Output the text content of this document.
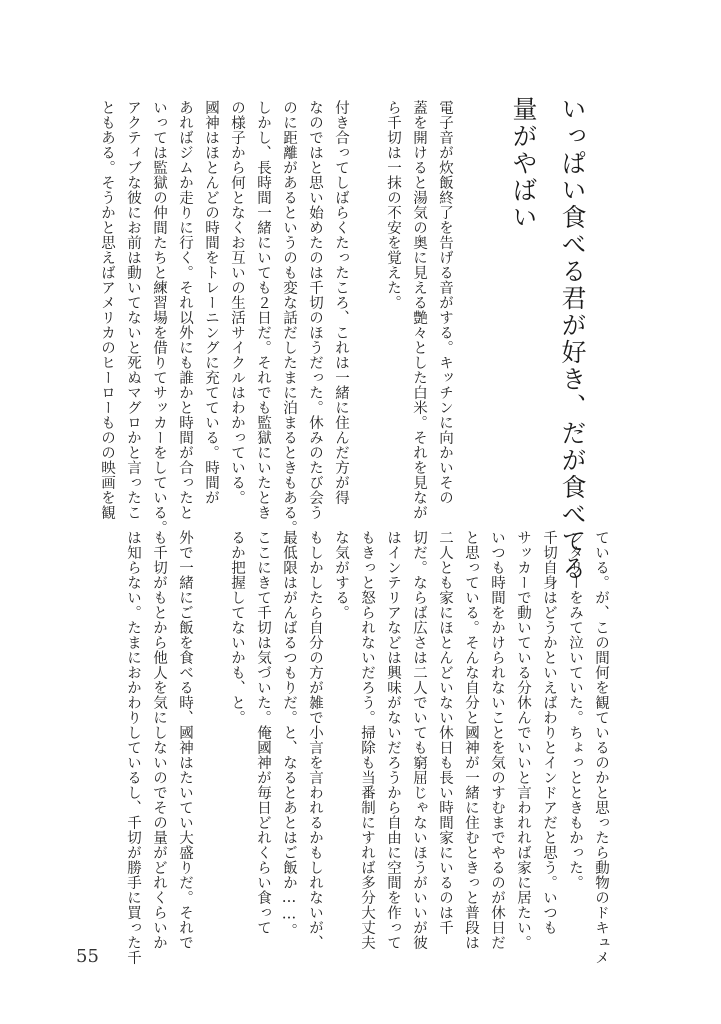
いっぱい食べる君が好き、だが食べてる
量がやばい
電子音が炊飯終了を告げる音がする。キッチンに向かいその
蓋を開けると湯気の奥に見える艶々とした白米。それを見なが
ら千切は一抹の不安を覚えた。
付き合ってしばらくたったころ、これは一緒に住んだ方が得
なのではと思い始めたのは千切のほうだった。休みのたび会う
のに距離があるというのも変な話だしたまに泊まるときもある。
しかし、長時間一緒にいても２日だ。それでも監獄にいたとき
の様子から何となくお互いの生活サイクルはわかっている。
國神はほとんどの時間をトレーニングに充てている。時間が
あればジムか走りに行く。それ以外にも誰かと時間が合ったと
いっては監獄の仲間たちと練習場を借りてサッカーをしている。
アクティブな彼にお前は動いてないと死ぬマグロかと言ったこ
ともある。そうかと思えばアメリカのヒーローものの映画を観
ている。が、この間何を観ているのかと思ったら動物のドキュメ
ンタリーをみて泣いていた。ちょっとときもかった。
千切自身はどうかといえばわりとインドアだと思う。いつも
サッカーで動いている分休んでいいと言われれば家に居たい。
いつも時間をかけられないことを気のすむまでやるのが休日だ
と思っている。そんな自分と國神が一緒に住むときっと普段は
二人とも家にほとんどいない休日も長い時間家にいるのは千
切だ。ならば広さは二人でいても窮屈じゃないほうがいいが彼
はインテリアなどは興味がないだろうから自由に空間を作って
もきっと怒られないだろう。掃除も当番制にすれば多分大丈夫
な気がする。
もしかしたら自分の方が雑で小言を言われるかもしれないが、
最低限はがんばるつもりだ。と、なるとあとはご飯か……。
ここにきて千切は気づいた。俺國神が毎日どれくらい食って
るか把握してないかも、と。
外で一緒にご飯を食べる時、國神はたいてい大盛りだ。それで
も千切がもとから他人を気にしないのでその量がどれくらいか
は知らない。たまにおかわりしているし、千切が勝手に買った千
55
